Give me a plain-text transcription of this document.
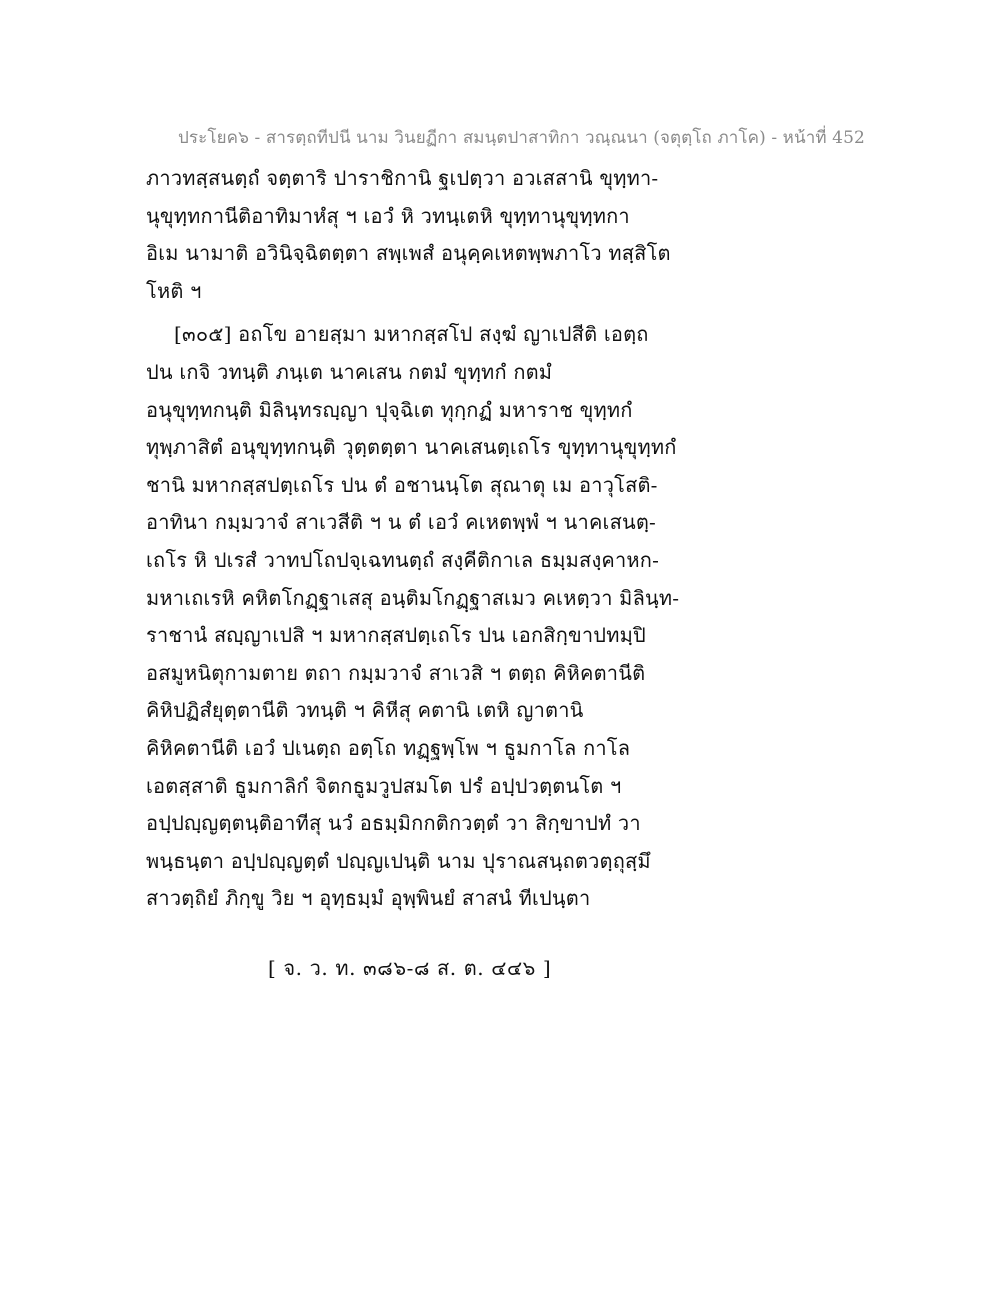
ประโยค๖ - สารตฺถทีปนี นาม วินยฏีกา สมนฺตปาสาทิกา วณฺณนา (จตุตฺโถ ภาโค) - หน้าที่ 452
ภาวทสฺสนตฺถํ จตฺตาริ ปาราชิกานิ ฐเปตฺวา อวเสสานิ ขุทฺทา-
นุขุทฺทกานีติอาทิมาหํสุ ฯ เอวํ หิ วทนฺเตหิ ขุทฺทานุขุทฺทกา
อิเม นามาติ อวินิจฺฉิตตฺตา สพฺเพสํ อนุคฺคเหตพฺพภาโว ทสฺสิโต
โหติ ฯ
[๓๐๕] อถโข อายสฺมา มหากสฺสโป สงฺฆํ ญาเปสีติ เอตฺถ
ปน เกจิ วทนฺติ ภนฺเต นาคเสน กตมํ ขุทฺทกํ กตมํ
อนุขุทฺทกนฺติ มิลินฺทรญฺญา ปุจฺฉิเต ทุกฺกฏํ มหาราช ขุทฺทกํ
ทุพฺภาสิตํ อนุขุทฺทกนฺติ วุตฺตตฺตา นาคเสนตฺเถโร ขุทฺทานุขุทฺทกํ
ชานิ มหากสฺสปตฺเถโร ปน ตํ อชานนฺโต สุณาตุ เม อาวุโสติ-
อาทินา กมฺมวาจํ สาเวสีติ ฯ น ตํ เอวํ คเหตพฺพํ ฯ นาคเสนตฺ-
เถโร หิ ปเรสํ วาทปโถปจฺเฉทนตฺถํ สงฺคีติกาเล ธมฺมสงฺคาหก-
มหาเถเรหิ คหิตโกฏฺฐาเสสุ อนฺติมโกฏฺฐาสเมว คเหตฺวา มิลินฺท-
ราชานํ สญฺญาเปสิ ฯ มหากสฺสปตฺเถโร ปน เอกสิกฺขาปทมฺปิ
อสมูหนิตุกามตาย ตถา กมฺมวาจํ สาเวสิ ฯ ตตฺถ คิหิคตานีติ
คิหิปฏิสํยุตฺตานีติ วทนฺติ ฯ คิหีสุ คตานิ เตหิ ญาตานิ
คิหิคตานีติ เอวํ ปเนตฺถ อตฺโถ ทฏฺฐพฺโพ ฯ ธูมกาโล กาโล
เอตสฺสาติ ธูมกาลิกํ จิตกธูมวูปสมโต ปรํ อปฺปวตฺตนโต ฯ
อปฺปญฺญตฺตนฺติอาทีสุ นวํ อธมฺมิกกติกวตฺตํ วา สิกฺขาปทํ วา
พนฺธนฺตา อปฺปญฺญตฺตํ ปญฺญเปนฺติ นาม ปุราณสนฺถตวตฺถุสฺมึ
สาวตฺถิยํ ภิกฺขู วิย ฯ อุทฺธมฺมํ อุพฺพินยํ สาสนํ ทีเปนฺตา
[ จ. ว. ท. ๓๘๖-๘ ส. ต. ๔๔๖ ]
